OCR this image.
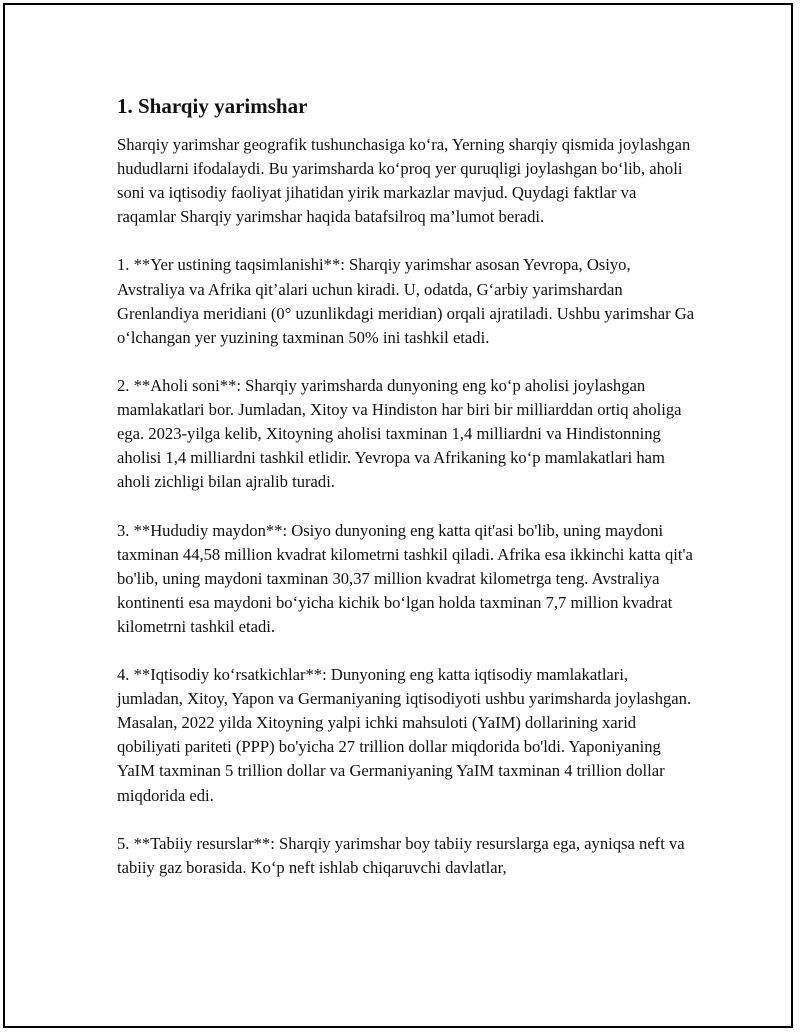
1. Sharqiy yarimshar

Sharqiy yarimshar geografik tushunchasiga ko‘ra, Yerning sharqiy qismida joylashgan hududlarni ifodalaydi. Bu yarimsharda ko‘proq yer quruqligi joylashgan bo‘lib, aholi soni va iqtisodiy faoliyat jihatidan yirik markazlar mavjud. Quydagi faktlar va raqamlar Sharqiy yarimshar haqida batafsilroq ma’lumot beradi.

1. **Yer ustining taqsimlanishi**: Sharqiy yarimshar asosan Yevropa, Osiyo, Avstraliya va Afrika qit’alari uchun kiradi. U, odatda, G‘arbiy yarimshardan Grenlandiya meridiani (0° uzunlikdagi meridian) orqali ajratiladi. Ushbu yarimshar Ga o‘lchangan yer yuzining taxminan 50% ini tashkil etadi.

2. **Aholi soni**: Sharqiy yarimsharda dunyoning eng ko‘p aholisi joylashgan mamlakatlari bor. Jumladan, Xitoy va Hindiston har biri bir milliarddan ortiq aholiga ega. 2023-yilga kelib, Xitoyning aholisi taxminan 1,4 milliardni va Hindistonning aholisi 1,4 milliardni tashkil etlidir. Yevropa va Afrikaning ko‘p mamlakatlari ham aholi zichligi bilan ajralib turadi.

3. **Hududiy maydon**: Osiyo dunyoning eng katta qit'asi bo'lib, uning maydoni taxminan 44,58 million kvadrat kilometrni tashkil qiladi. Afrika esa ikkinchi katta qit'a bo'lib, uning maydoni taxminan 30,37 million kvadrat kilometrga teng. Avstraliya kontinenti esa maydoni bo‘yicha kichik bo‘lgan holda taxminan 7,7 million kvadrat kilometrni tashkil etadi.

4. **Iqtisodiy ko‘rsatkichlar**: Dunyoning eng katta iqtisodiy mamlakatlari, jumladan, Xitoy, Yapon va Germaniyaning iqtisodiyoti ushbu yarimsharda joylashgan. Masalan, 2022 yilda Xitoyning yalpi ichki mahsuloti (YaIM) dollarining xarid qobiliyati pariteti (PPP) bo'yicha 27 trillion dollar miqdorida bo'ldi. Yaponiyaning YaIM taxminan 5 trillion dollar va Germaniyaning YaIM taxminan 4 trillion dollar miqdorida edi.

5. **Tabiiy resurslar**: Sharqiy yarimshar boy tabiiy resurslarga ega, ayniqsa neft va tabiiy gaz borasida. Ko‘p neft ishlab chiqaruvchi davlatlar,
